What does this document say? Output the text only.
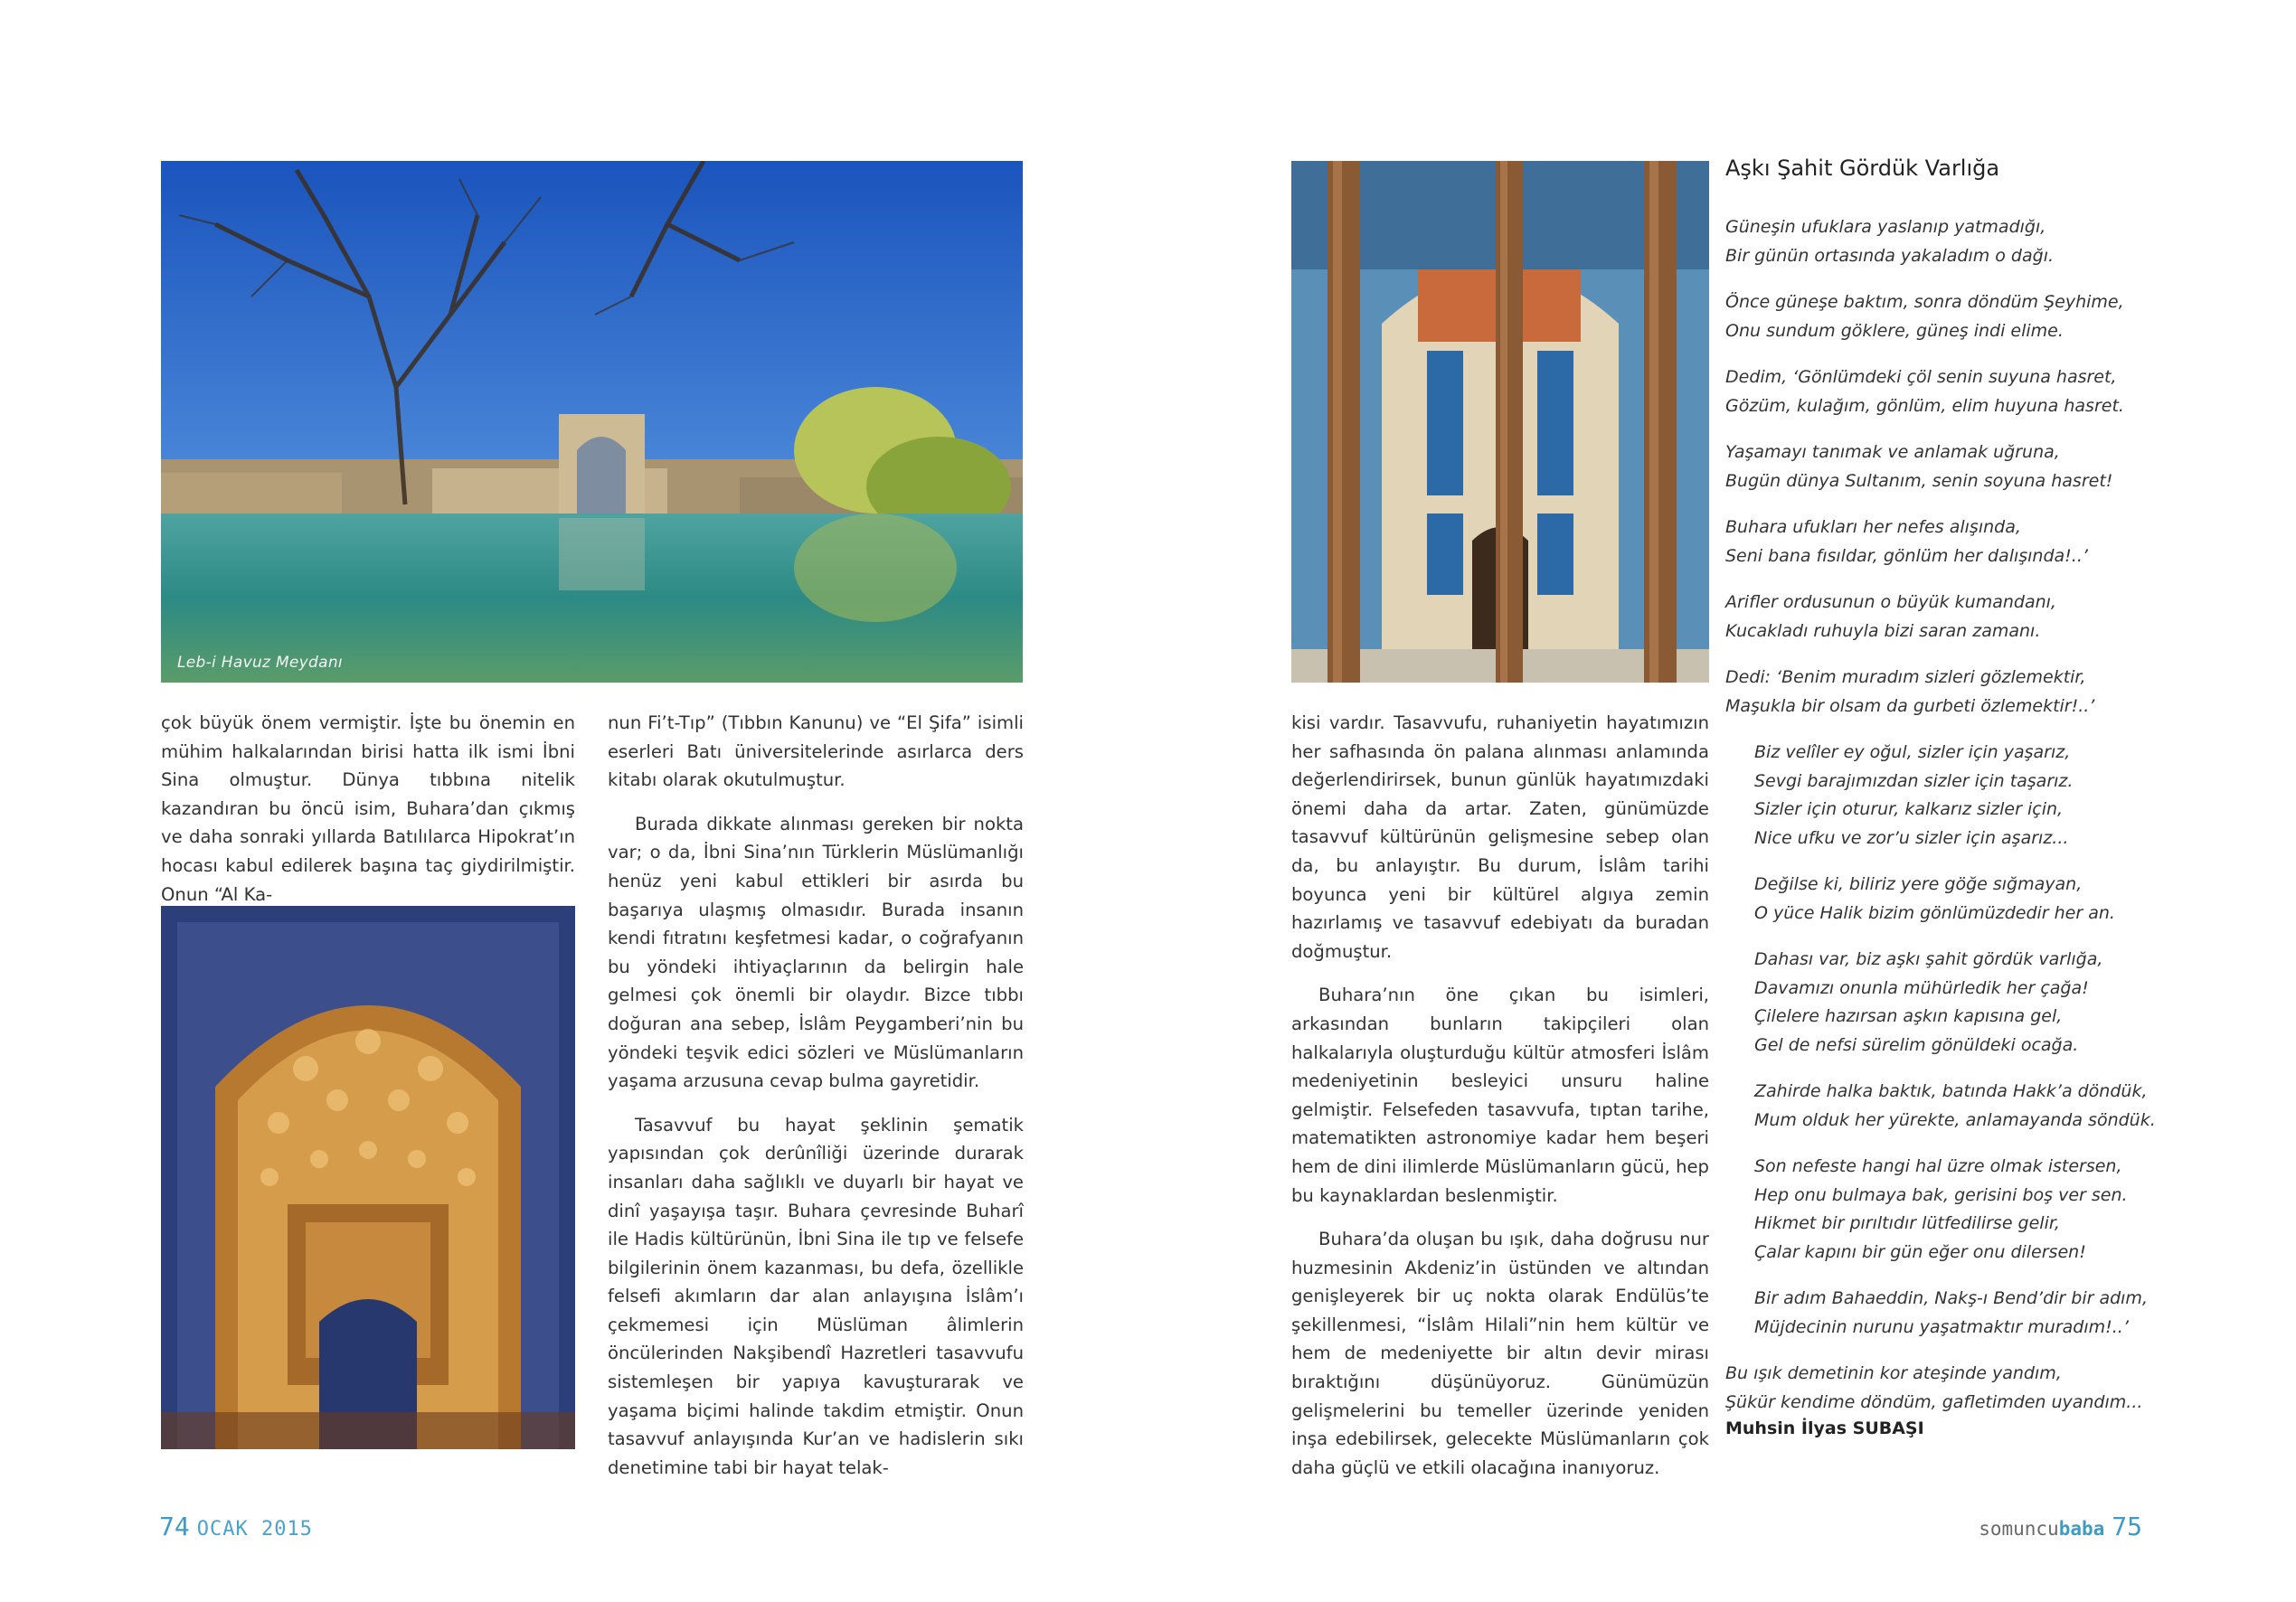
Leb-i Havuz Meydanı

çok büyük önem vermiştir. İşte bu önemin en mühim halkalarından birisi hatta ilk ismi İbni Sina olmuştur. Dünya tıbbına nitelik kazandıran bu öncü isim, Buhara’dan çıkmış ve daha sonraki yıllarda Batılılarca Hipokrat’ın hocası kabul edilerek başına taç giydirilmiştir. Onun “Al Ka-

nun Fi’t-Tıp” (Tıbbın Kanunu) ve “El Şifa” isimli eserleri Batı üniversitelerinde asırlarca ders kitabı olarak okutulmuştur.

Burada dikkate alınması gereken bir nokta var; o da, İbni Sina’nın Türklerin Müslümanlığı henüz yeni kabul ettikleri bir asırda bu başarıya ulaşmış olmasıdır. Burada insanın kendi fıtratını keşfetmesi kadar, o coğrafyanın bu yöndeki ihtiyaçlarının da belirgin hale gelmesi çok önemli bir olaydır. Bizce tıbbı doğuran ana sebep, İslâm Peygamberi’nin bu yöndeki teşvik edici sözleri ve Müslümanların yaşama arzusuna cevap bulma gayretidir.

Tasavvuf bu hayat şeklinin şematik yapısından çok derûnîliği üzerinde durarak insanları daha sağlıklı ve duyarlı bir hayat ve dinî yaşayışa taşır. Buhara çevresinde Buharî ile Hadis kültürünün, İbni Sina ile tıp ve felsefe bilgilerinin önem kazanması, bu defa, özellikle felsefi akımların dar alan anlayışına İslâm’ı çekmemesi için Müslüman âlimlerin öncülerinden Nakşibendî Hazretleri tasavvufu sistemleşen bir yapıya kavuşturarak ve yaşama biçimi halinde takdim etmiştir. Onun tasavvuf anlayışında Kur’an ve hadislerin sıkı denetimine tabi bir hayat telak-

74 OCAK 2015

kisi vardır. Tasavvufu, ruhaniyetin hayatımızın her safhasında ön palana alınması anlamında değerlendirirsek, bunun günlük hayatımızdaki önemi daha da artar. Zaten, günümüzde tasavvuf kültürünün gelişmesine sebep olan da, bu anlayıştır. Bu durum, İslâm tarihi boyunca yeni bir kültürel algıya zemin hazırlamış ve tasavvuf edebiyatı da buradan doğmuştur.

Buhara’nın öne çıkan bu isimleri, arkasından bunların takipçileri olan halkalarıyla oluşturduğu kültür atmosferi İslâm medeniyetinin besleyici unsuru haline gelmiştir. Felsefeden tasavvufa, tıptan tarihe, matematikten astronomiye kadar hem beşeri hem de dini ilimlerde Müslümanların gücü, hep bu kaynaklardan beslenmiştir.

Buhara’da oluşan bu ışık, daha doğrusu nur huzmesinin Akdeniz’in üstünden ve altından genişleyerek bir uç nokta olarak Endülüs’te şekillenmesi, “İslâm Hilali”nin hem kültür ve hem de medeniyette bir altın devir mirası bıraktığını düşünüyoruz. Günümüzün gelişmelerini bu temeller üzerinde yeniden inşa edebilirsek, gelecekte Müslümanların çok daha güçlü ve etkili olacağına inanıyoruz.

somuncubaba 75
Aşkı Şahit Gördük Varlığa
Güneşin ufuklara yaslanıp yatmadığı,
Bir günün ortasında yakaladım o dağı.
Önce güneşe baktım, sonra döndüm Şeyhime,
Onu sundum göklere, güneş indi elime.
Dedim, ‘Gönlümdeki çöl senin suyuna hasret,
Gözüm, kulağım, gönlüm, elim huyuna hasret.
Yaşamayı tanımak ve anlamak uğruna,
Bugün dünya Sultanım, senin soyuna hasret!
Buhara ufukları her nefes alışında,
Seni bana fısıldar, gönlüm her dalışında!..’
Arifler ordusunun o büyük kumandanı,
Kucakladı ruhuyla bizi saran zamanı.
Dedi: ‘Benim muradım sizleri gözlemektir,
Maşukla bir olsam da gurbeti özlemektir!..’
Biz velîler ey oğul, sizler için yaşarız,
Sevgi barajımızdan sizler için taşarız.
Sizler için oturur, kalkarız sizler için,
Nice ufku ve zor’u sizler için aşarız...
Değilse ki, biliriz yere göğe sığmayan,
O yüce Halik bizim gönlümüzdedir her an.
Dahası var, biz aşkı şahit gördük varlığa,
Davamızı onunla mühürledik her çağa!
Çilelere hazırsan aşkın kapısına gel,
Gel de nefsi sürelim gönüldeki ocağa.
Zahirde halka baktık, batında Hakk’a döndük,
Mum olduk her yürekte, anlamayanda söndük.
Son nefeste hangi hal üzre olmak istersen,
Hep onu bulmaya bak, gerisini boş ver sen.
Hikmet bir pırıltıdır lütfedilirse gelir,
Çalar kapını bir gün eğer onu dilersen!
Bir adım Bahaeddin, Nakş-ı Bend’dir bir adım,
Müjdecinin nurunu yaşatmaktır muradım!..’
Bu ışık demetinin kor ateşinde yandım,
Şükür kendime döndüm, gafletimden uyandım...
Muhsin İlyas SUBAŞI
